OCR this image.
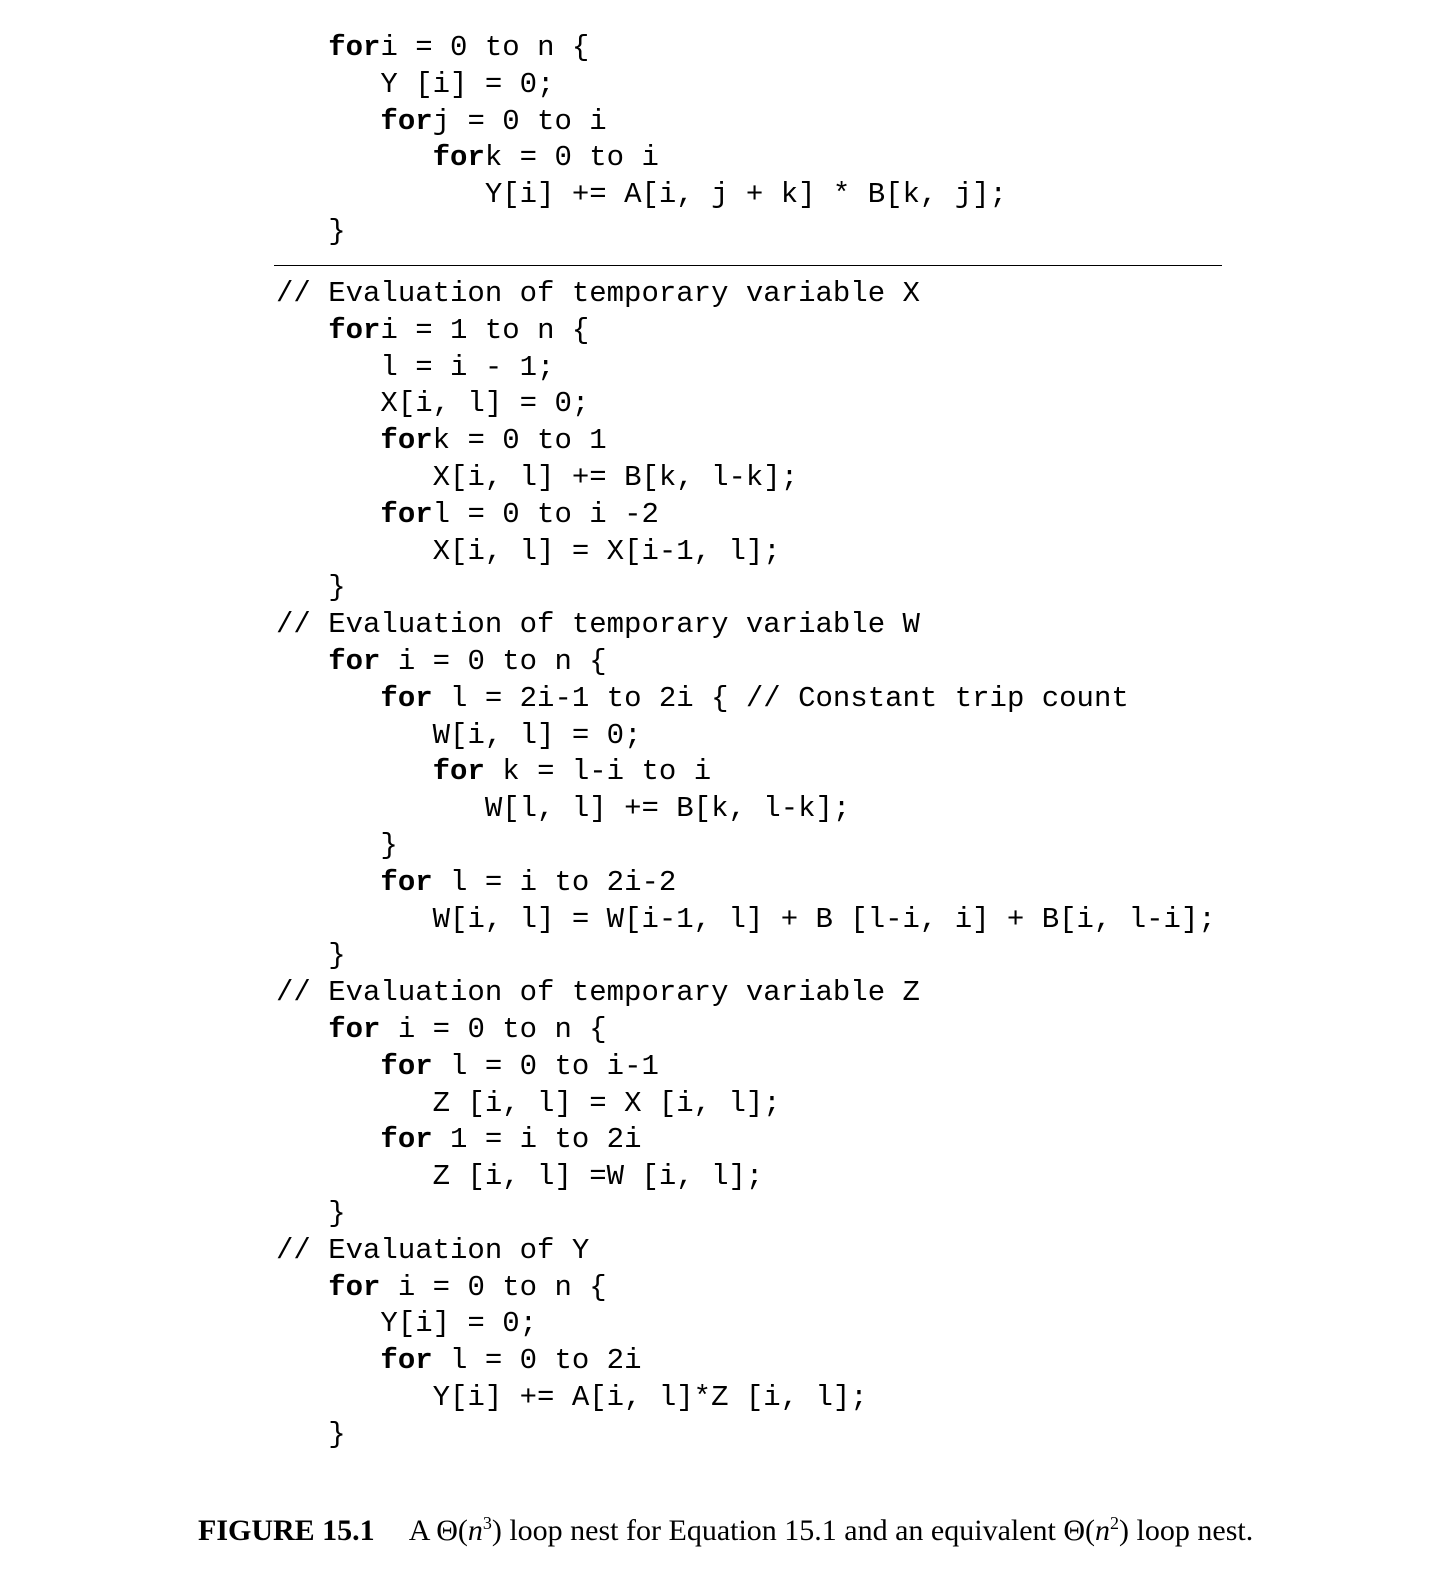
fori = 0 to n {
Y [i] = 0;
forj = 0 to i
fork = 0 to i
Y[i] += A[i, j + k] * B[k, j];
}
// Evaluation of temporary variable X
fori = 1 to n {
l = i - 1;
X[i, l] = 0;
fork = 0 to 1
X[i, l] += B[k, l-k];
forl = 0 to i -2
X[i, l] = X[i-1, l];
}
// Evaluation of temporary variable W
for i = 0 to n {
for l = 2i-1 to 2i { // Constant trip count
W[i, l] = 0;
for k = l-i to i
W[l, l] += B[k, l-k];
}
for l = i to 2i-2
W[i, l] = W[i-1, l] + B [l-i, i] + B[i, l-i];
}
// Evaluation of temporary variable Z
for i = 0 to n {
for l = 0 to i-1
Z [i, l] = X [i, l];
for 1 = i to 2i
Z [i, l] =W [i, l];
}
// Evaluation of Y
for i = 0 to n {
Y[i] = 0;
for l = 0 to 2i
Y[i] += A[i, l]*Z [i, l];
}
FIGURE 15.1 A $\Theta(n^3)$ loop nest for Equation 15.1 and an equivalent $\Theta(n^2)$ loop nest.
